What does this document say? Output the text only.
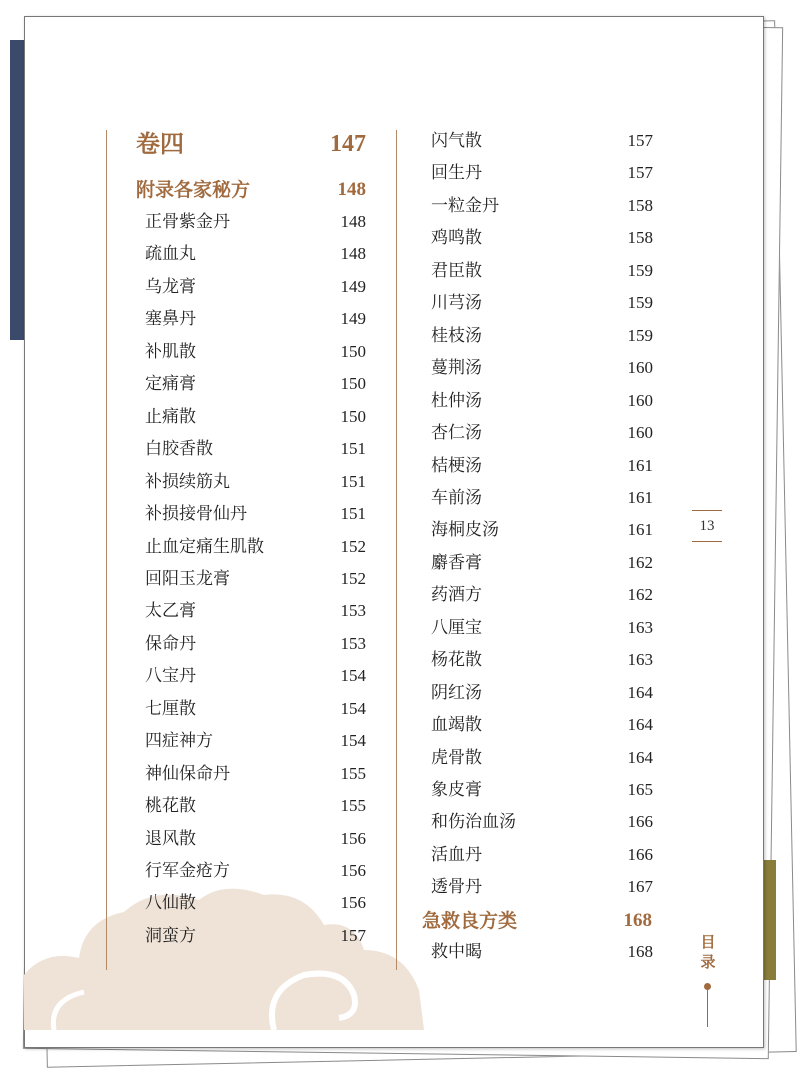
卷四	147
附录各家秘方	148
正骨紫金丹	148
疏血丸	148
乌龙膏	149
塞鼻丹	149
补肌散	150
定痛膏	150
止痛散	150
白胶香散	151
补损续筋丸	151
补损接骨仙丹	151
止血定痛生肌散	152
回阳玉龙膏	152
太乙膏	153
保命丹	153
八宝丹	154
七厘散	154
四症神方	154
神仙保命丹	155
桃花散	155
退风散	156
行军金疮方	156
八仙散	156
洞蛮方	157
闪气散	157
回生丹	157
一粒金丹	158
鸡鸣散	158
君臣散	159
川芎汤	159
桂枝汤	159
蔓荆汤	160
杜仲汤	160
杏仁汤	160
桔梗汤	161
车前汤	161
海桐皮汤	161
麝香膏	162
药酒方	162
八厘宝	163
杨花散	163
阴红汤	164
血竭散	164
虎骨散	164
象皮膏	165
和伤治血汤	166
活血丹	166
透骨丹	167
急救良方类	168
救中暍	168
13
目录
